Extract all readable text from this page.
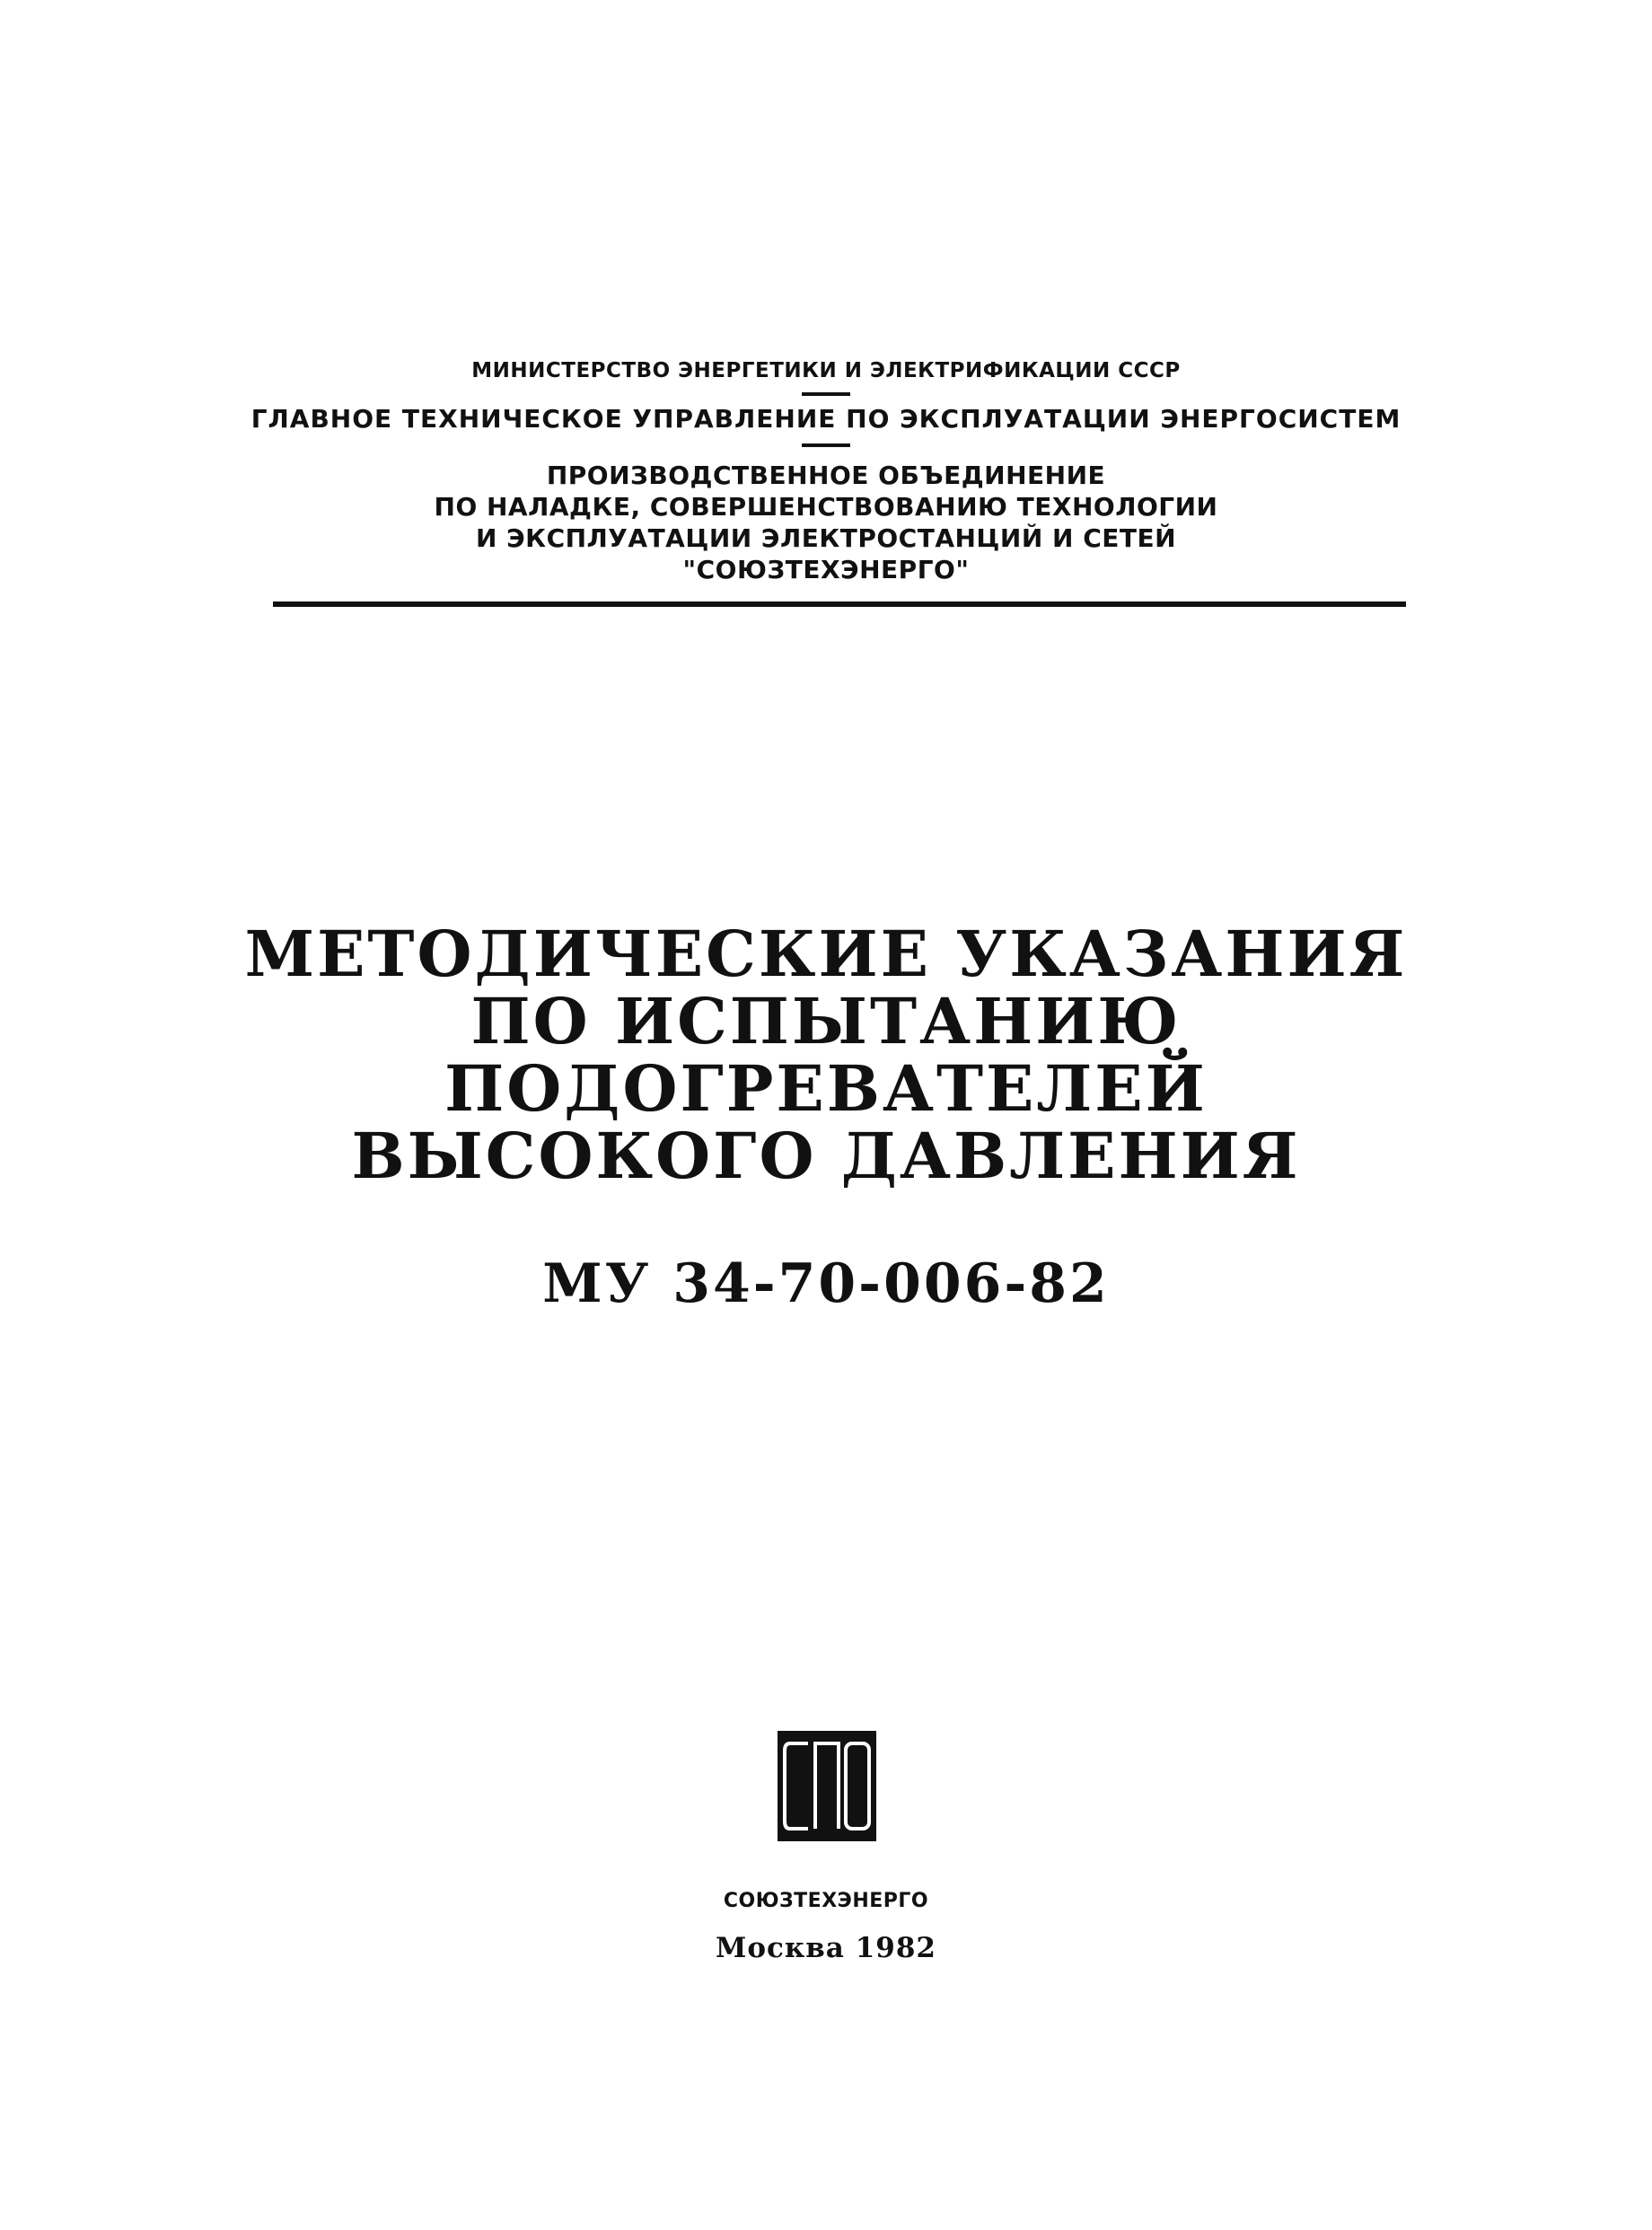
МИНИСТЕРСТВО ЭНЕРГЕТИКИ И ЭЛЕКТРИФИКАЦИИ СССР
ГЛАВНОЕ ТЕХНИЧЕСКОЕ УПРАВЛЕНИЕ ПО ЭКСПЛУАТАЦИИ ЭНЕРГОСИСТЕМ
ПРОИЗВОДСТВЕННОЕ ОБЪЕДИНЕНИЕ
ПО НАЛАДКЕ, СОВЕРШЕНСТВОВАНИЮ ТЕХНОЛОГИИ
И ЭКСПЛУАТАЦИИ ЭЛЕКТРОСТАНЦИЙ И СЕТЕЙ
"СОЮЗТЕХЭНЕРГО"
МЕТОДИЧЕСКИЕ УКАЗАНИЯ
ПО ИСПЫТАНИЮ
ПОДОГРЕВАТЕЛЕЙ
ВЫСОКОГО ДАВЛЕНИЯ
МУ 34-70-006-82
СОЮЗТЕХЭНЕРГО
Москва 1982
